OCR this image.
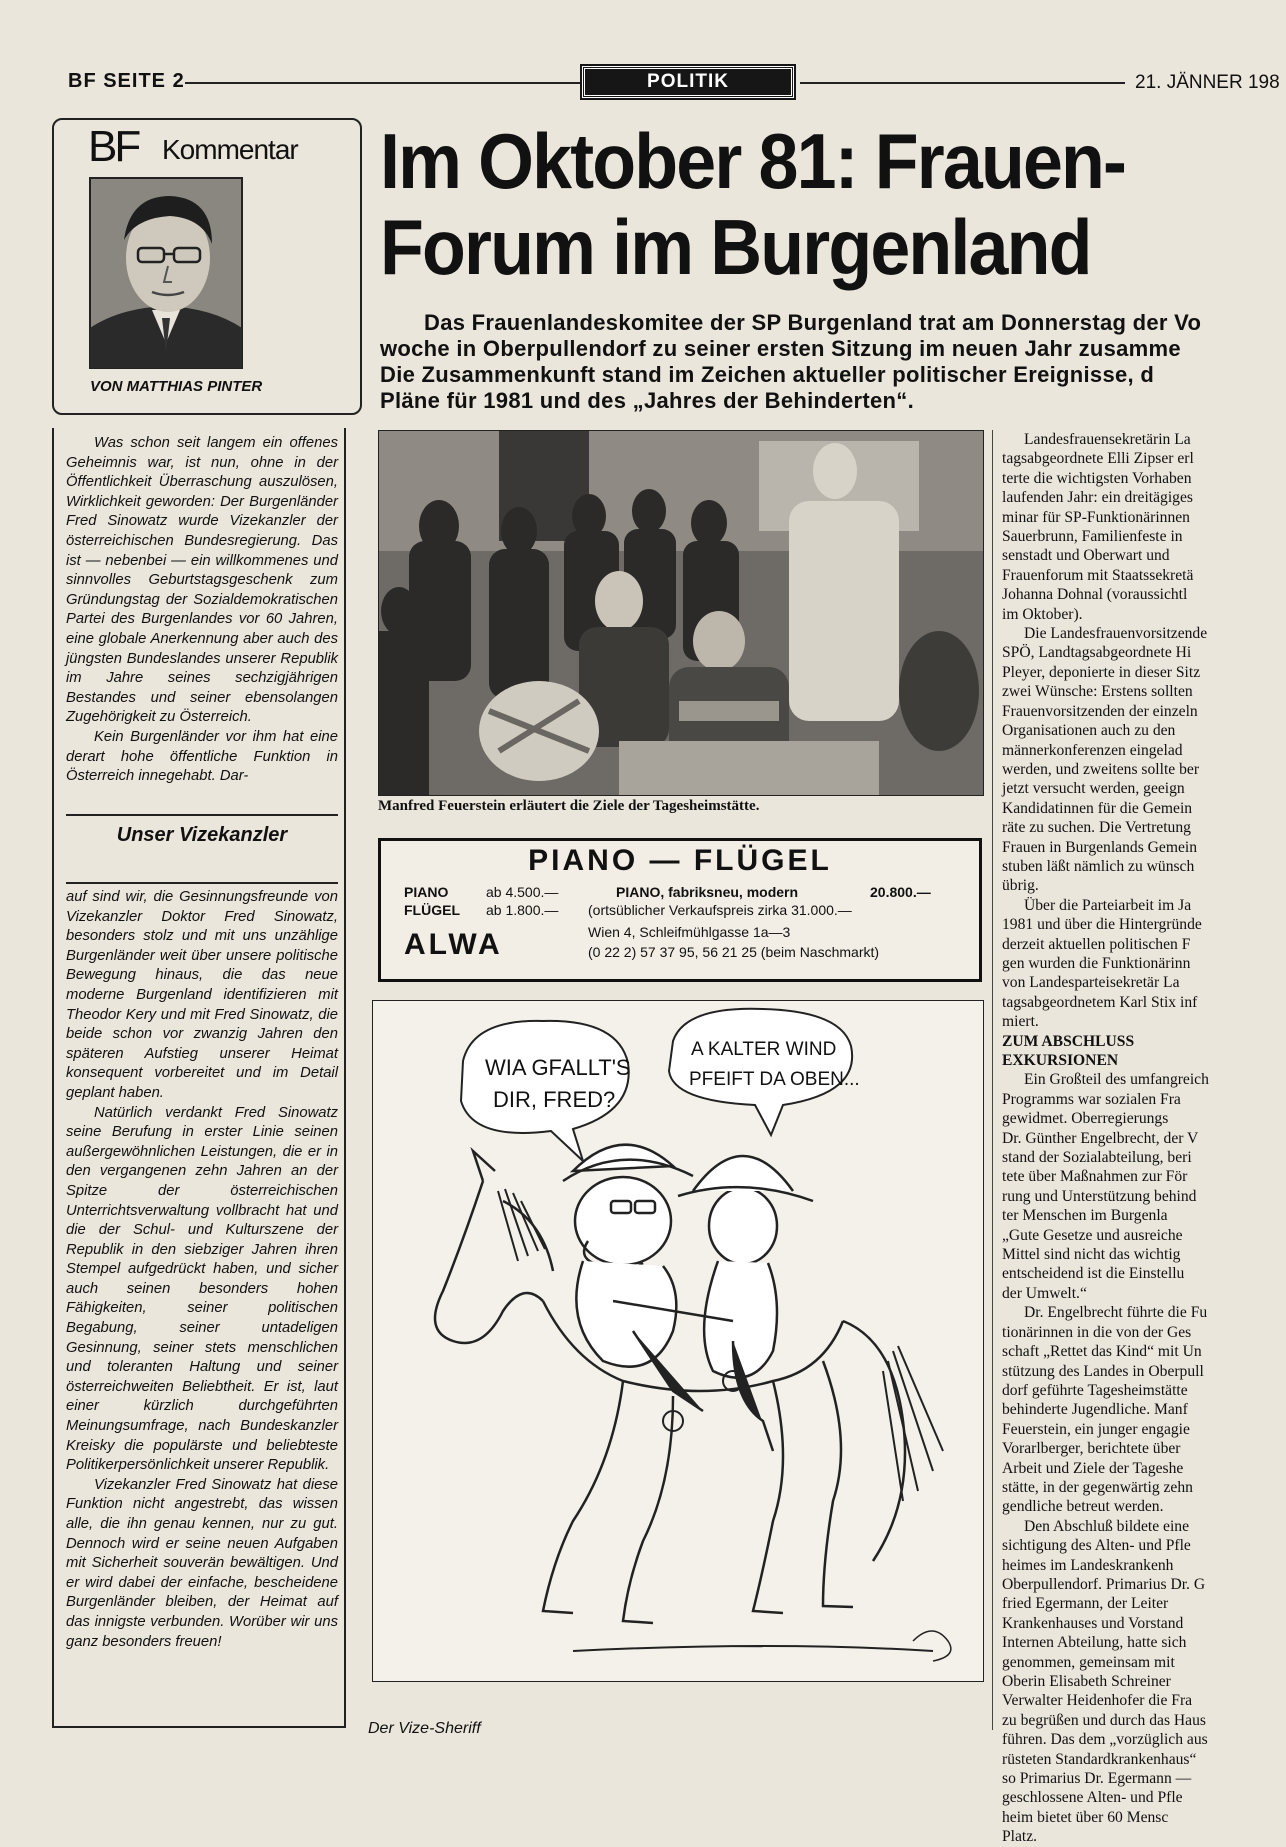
BF SEITE 2	POLITIK	21. JÄNNER 198
BF Kommentar
VON MATTHIAS PINTER
Im Oktober 81: Frauen-
Forum im Burgenland
Das Frauenlandeskomitee der SP Burgenland trat am Donnerstag der Vo
woche in Oberpullendorf zu seiner ersten Sitzung im neuen Jahr zusamme
Die Zusammenkunft stand im Zeichen aktueller politischer Ereignisse, d
Pläne für 1981 und des „Jahres der Behinderten“.

Was schon seit langem ein offenes Geheimnis war, ist nun, ohne in der Öffentlichkeit Überraschung auszulösen, Wirklichkeit geworden: Der Burgenländer Fred Sinowatz wurde Vizekanzler der österreichischen Bundesregierung. Das ist — nebenbei — ein willkommenes und sinnvolles Geburtstagsgeschenk zum Gründungstag der Sozialdemokratischen Partei des Burgenlandes vor 60 Jahren, eine globale Anerkennung aber auch des jüngsten Bundeslandes unserer Republik im Jahre seines sechzigjährigen Bestandes und seiner ebensolangen Zugehörigkeit zu Österreich.

Kein Burgenländer vor ihm hat eine derart hohe öffentliche Funktion in Österreich innegehabt. Dar-

Unser Vizekanzler

auf sind wir, die Gesinnungsfreunde von Vizekanzler Doktor Fred Sinowatz, besonders stolz und mit uns unzählige Burgenländer weit über unsere politische Bewegung hinaus, die das neue moderne Burgenland identifizieren mit Theodor Kery und mit Fred Sinowatz, die beide schon vor zwanzig Jahren den späteren Aufstieg unserer Heimat konsequent vorbereitet und im Detail geplant haben.

Natürlich verdankt Fred Sinowatz seine Berufung in erster Linie seinen außergewöhnlichen Leistungen, die er in den vergangenen zehn Jahren an der Spitze der österreichischen Unterrichtsverwaltung vollbracht hat und die der Schul- und Kulturszene der Republik in den siebziger Jahren ihren Stempel aufgedrückt haben, und sicher auch seinen besonders hohen Fähigkeiten, seiner politischen Begabung, seiner untadeligen Gesinnung, seiner stets menschlichen und toleranten Haltung und seiner österreichweiten Beliebtheit. Er ist, laut einer kürzlich durchgeführten Meinungsumfrage, nach Bundeskanzler Kreisky die populärste und beliebteste Politikerpersönlichkeit unserer Republik.

Vizekanzler Fred Sinowatz hat diese Funktion nicht angestrebt, das wissen alle, die ihn genau kennen, nur zu gut. Dennoch wird er seine neuen Aufgaben mit Sicherheit souverän bewältigen. Und er wird dabei der einfache, bescheidene Burgenländer bleiben, der Heimat auf das innigste verbunden. Worüber wir uns ganz besonders freuen!

Manfred Feuerstein erläutert die Ziele der Tagesheimstätte.
PIANO — FLÜGEL
PIANO	ab 4.500.—	PIANO, fabriksneu, modern	20.800.—
FLÜGEL ab 1.800.— (ortsüblicher Verkaufspreis zirka 31.000.—
ALWA	Wien 4, Schleifmühlgasse 1a—3
(0 22 2) 57 37 95, 56 21 25 (beim Naschmarkt)
WIA GFALLT'S
DIR, FRED?
A KALTER WIND
PFEIFT DA OBEN...
Der Vize-Sheriff
Landesfrauensekretärin La
tagsabgeordnete Elli Zipser erl
terte die wichtigsten Vorhaben
laufenden Jahr: ein dreitägiges
minar für SP-Funktionärinnen
Sauerbrunn, Familienfeste in
senstadt und Oberwart und
Frauenforum mit Staatssekretä
Johanna Dohnal (voraussichtl
im Oktober).
Die Landesfrauenvorsitzende
SPÖ, Landtagsabgeordnete Hi
Pleyer, deponierte in dieser Sitz
zwei Wünsche: Erstens sollten
Frauenvorsitzenden der einzeln
Organisationen auch zu den
männerkonferenzen eingelad
werden, und zweitens sollte ber
jetzt versucht werden, geeign
Kandidatinnen für die Gemein
räte zu suchen. Die Vertretung
Frauen in Burgenlands Gemein
stuben läßt nämlich zu wünsch
übrig.
Über die Parteiarbeit im Ja
1981 und über die Hintergründe
derzeit aktuellen politischen F
gen wurden die Funktionärinn
von Landesparteisekretär La
tagsabgeordnetem Karl Stix inf
miert.
ZUM ABSCHLUSS
EXKURSIONEN
Ein Großteil des umfangreich
Programms war sozialen Fra
gewidmet. Oberregierungs
Dr. Günther Engelbrecht, der V
stand der Sozialabteilung, beri
tete über Maßnahmen zur För
rung und Unterstützung behind
ter Menschen im Burgenla
„Gute Gesetze und ausreiche
Mittel sind nicht das wichtig
entscheidend ist die Einstellu
der Umwelt.“
Dr. Engelbrecht führte die Fu
tionärinnen in die von der Ges
schaft „Rettet das Kind“ mit Un
stützung des Landes in Oberpull
dorf geführte Tagesheimstätte
behinderte Jugendliche. Manf
Feuerstein, ein junger engagie
Vorarlberger, berichtete über
Arbeit und Ziele der Tageshe
stätte, in der gegenwärtig zehn
gendliche betreut werden.
Den Abschluß bildete eine
sichtigung des Alten- und Pfle
heimes im Landeskrankenh
Oberpullendorf. Primarius Dr. G
fried Egermann, der Leiter
Krankenhauses und Vorstand
Internen Abteilung, hatte sich
genommen, gemeinsam mit
Oberin Elisabeth Schreiner
Verwalter Heidenhofer die Fra
zu begrüßen und durch das Haus
führen. Das dem „vorzüglich aus
rüsteten Standardkrankenhaus“
so Primarius Dr. Egermann —
geschlossene Alten- und Pfle
heim bietet über 60 Mensc
Platz.
